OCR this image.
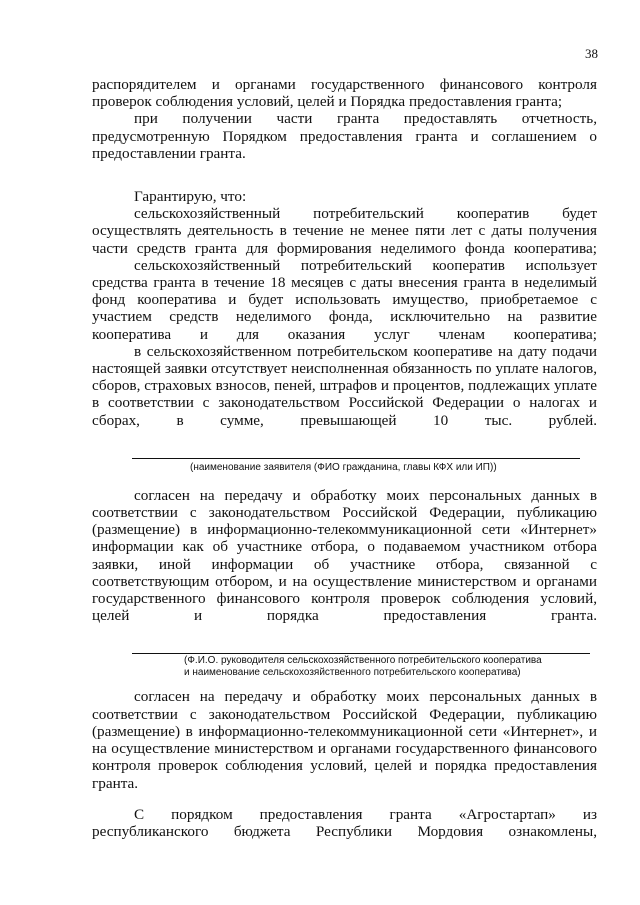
38

распорядителем и органами государственного финансового контроля

проверок соблюдения условий, целей и Порядка предоставления гранта;

при получении части гранта предоставлять отчетность,

предусмотренную Порядком предоставления гранта и соглашением о

предоставлении гранта.

Гарантирую, что:

сельскохозяйственный потребительский кооператив будет осуществлять деятельность в течение не менее пяти лет с даты получения части средств гранта для формирования неделимого фонда кооператива;

сельскохозяйственный потребительский кооператив использует средства гранта в течение 18 месяцев с даты внесения гранта в неделимый фонд кооператива и будет использовать имущество, приобретаемое с участием средств неделимого фонда, исключительно на развитие кооператива и для оказания услуг членам кооператива;

в сельскохозяйственном потребительском кооперативе на дату подачи настоящей заявки отсутствует неисполненная обязанность по уплате налогов, сборов, страховых взносов, пеней, штрафов и процентов, подлежащих уплате в соответствии с законодательством Российской Федерации о налогах и сборах, в сумме, превышающей 10 тыс. рублей.

(наименование заявителя (ФИО гражданина, главы КФХ или ИП))

согласен на передачу и обработку моих персональных данных в соответствии с законодательством Российской Федерации, публикацию (размещение) в информационно-телекоммуникационной сети «Интернет» информации как об участнике отбора, о подаваемом участником отбора заявки, иной информации об участнике отбора, связанной с соответствующим отбором, и на осуществление министерством и органами государственного финансового контроля проверок соблюдения условий, целей и порядка предоставления гранта.

(Ф.И.О. руководителя сельскохозяйственного потребительского кооператива
и наименование сельскохозяйственного потребительского кооператива)

согласен на передачу и обработку моих персональных данных в соответствии с законодательством Российской Федерации, публикацию (размещение) в информационно-телекоммуникационной сети «Интернет», и на осуществление министерством и органами государственного финансового контроля проверок соблюдения условий, целей и порядка предоставления гранта.

С порядком предоставления гранта «Агростартап» из республиканского бюджета Республики Мордовия ознакомлены,
